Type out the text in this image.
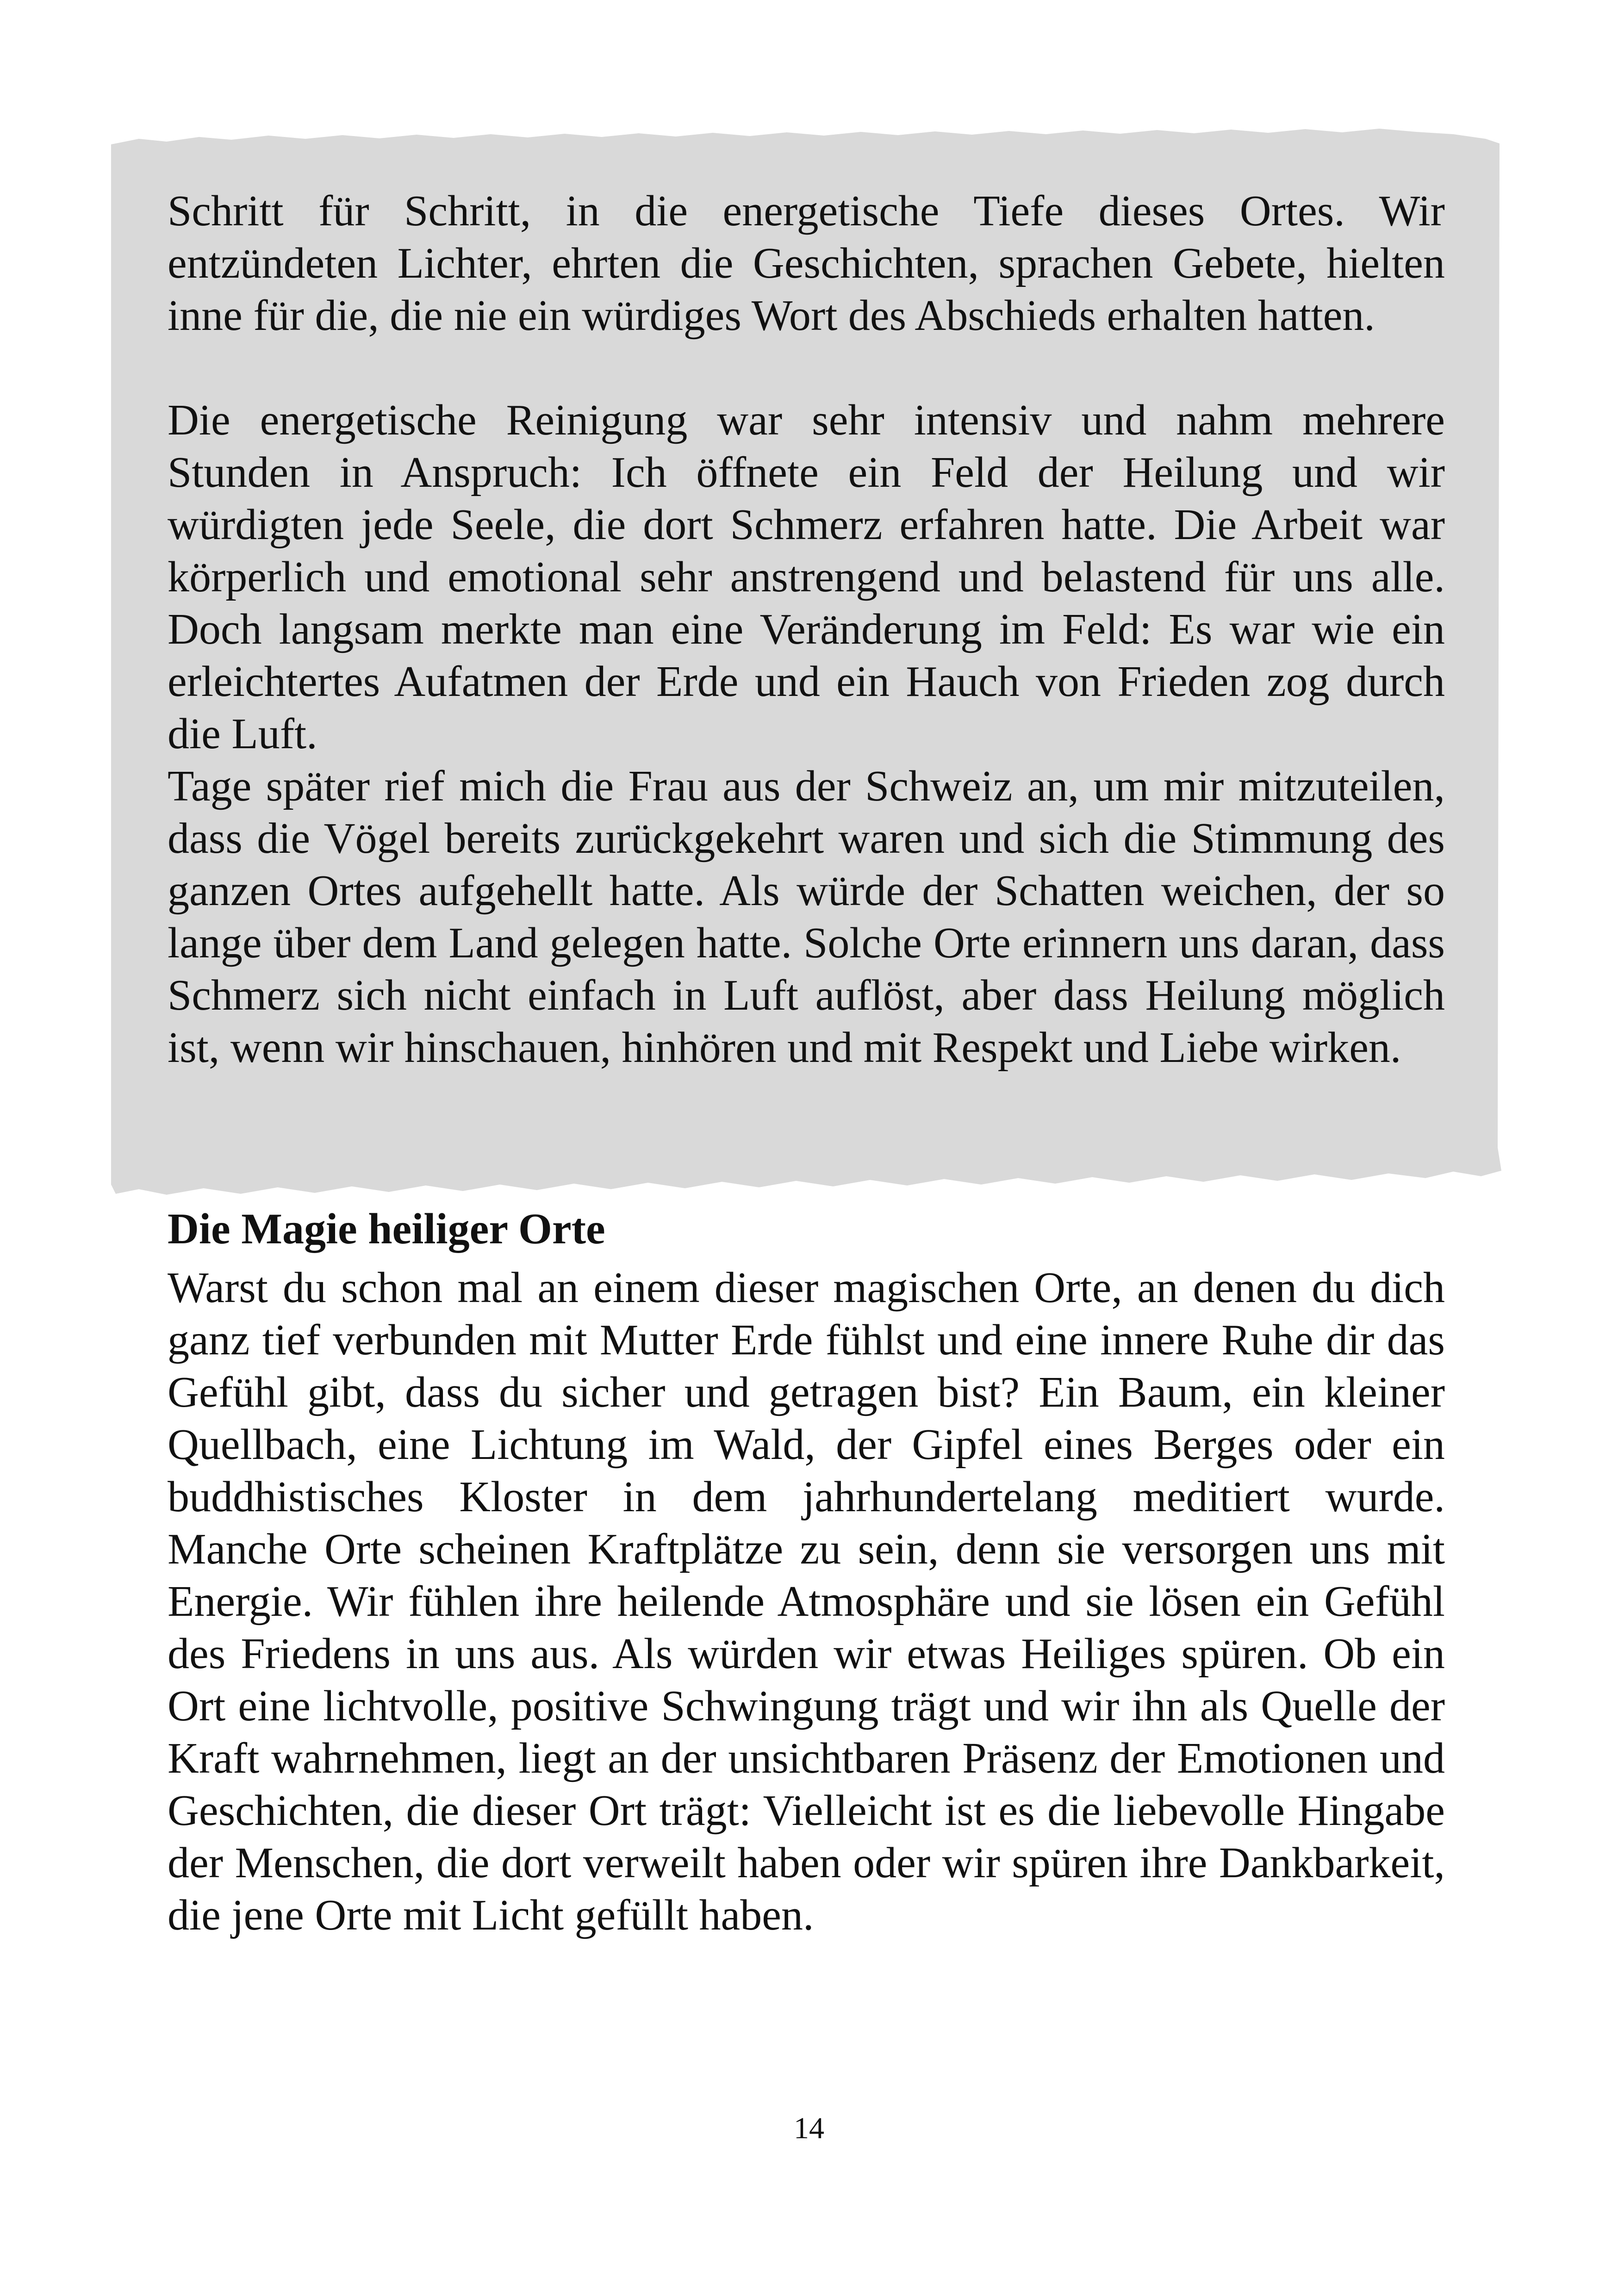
Schritt für Schritt, in die energetische Tiefe dieses Ortes. Wir entzündeten Lichter, ehrten die Geschichten, sprachen Gebete, hielten inne für die, die nie ein würdiges Wort des Abschieds erhalten hatten.

Die energetische Reinigung war sehr intensiv und nahm mehrere Stunden in Anspruch: Ich öffnete ein Feld der Heilung und wir würdigten jede Seele, die dort Schmerz erfahren hatte. Die Arbeit war körperlich und emotional sehr anstrengend und belastend für uns alle. Doch langsam merkte man eine Veränderung im Feld: Es war wie ein erleichtertes Aufatmen der Erde und ein Hauch von Frieden zog durch die Luft.

Tage später rief mich die Frau aus der Schweiz an, um mir mitzuteilen, dass die Vögel bereits zurückgekehrt waren und sich die Stimmung des ganzen Ortes aufgehellt hatte. Als würde der Schatten weichen, der so lange über dem Land gelegen hatte. Solche Orte erinnern uns daran, dass Schmerz sich nicht einfach in Luft auflöst, aber dass Heilung möglich ist, wenn wir hinschauen, hinhören und mit Respekt und Liebe wirken.

Die Magie heiliger Orte

Warst du schon mal an einem dieser magischen Orte, an denen du dich ganz tief verbunden mit Mutter Erde fühlst und eine innere Ruhe dir das Gefühl gibt, dass du sicher und getragen bist? Ein Baum, ein kleiner Quellbach, eine Lichtung im Wald, der Gipfel eines Berges oder ein buddhistisches Kloster in dem jahrhundertelang meditiert wurde. Manche Orte scheinen Kraftplätze zu sein, denn sie versorgen uns mit Energie. Wir fühlen ihre heilende Atmosphäre und sie lösen ein Gefühl des Friedens in uns aus. Als würden wir etwas Heiliges spüren. Ob ein Ort eine lichtvolle, positive Schwingung trägt und wir ihn als Quelle der Kraft wahrnehmen, liegt an der unsichtbaren Präsenz der Emotionen und Geschichten, die dieser Ort trägt: Vielleicht ist es die liebevolle Hingabe der Menschen, die dort verweilt haben oder wir spüren ihre Dankbarkeit, die jene Orte mit Licht gefüllt haben.

14
